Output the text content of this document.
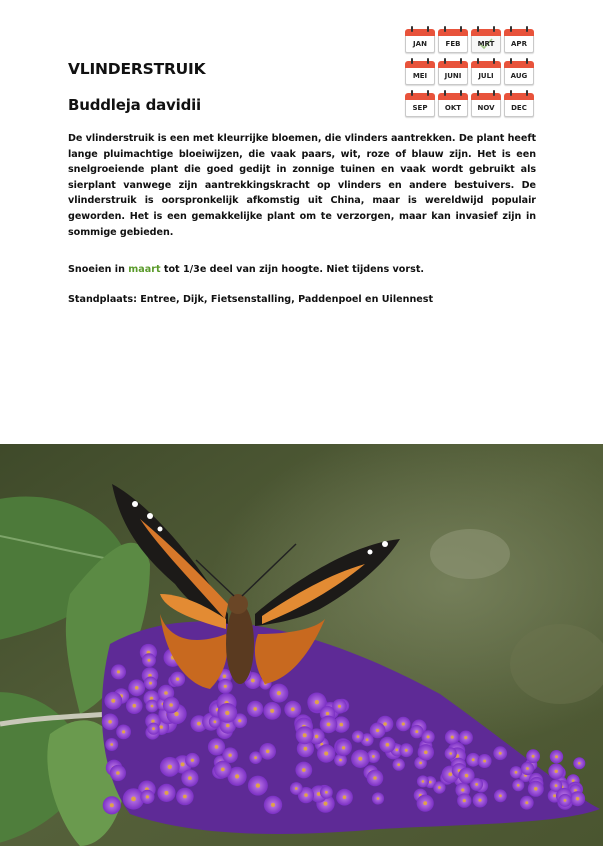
VLINDERSTRUIK
Buddleja davidii
JAN	FEB	MRT	APR
MEI	JUNI	JULI	AUG
SEP	OKT	NOV	DEC
De vlinderstruik is een met kleurrijke bloemen, die vlinders aantrekken. De plant heeft lange pluimachtige bloeiwijzen, die vaak paars, wit, roze of blauw zijn. Het is een snelgroeiende plant die goed gedijt in zonnige tuinen en vaak wordt gebruikt als sierplant vanwege zijn aantrekkingskracht op vlinders en andere bestuivers. De vlinderstruik is oorspronkelijk afkomstig uit China, maar is wereldwijd populair geworden. Het is een gemakkelijke plant om te verzorgen, maar kan invasief zijn in sommige gebieden.
Snoeien in maart tot 1/3e deel van zijn hoogte. Niet tijdens vorst.
Standplaats: Entree, Dijk, Fietsenstalling, Paddenpoel en Uilennest
